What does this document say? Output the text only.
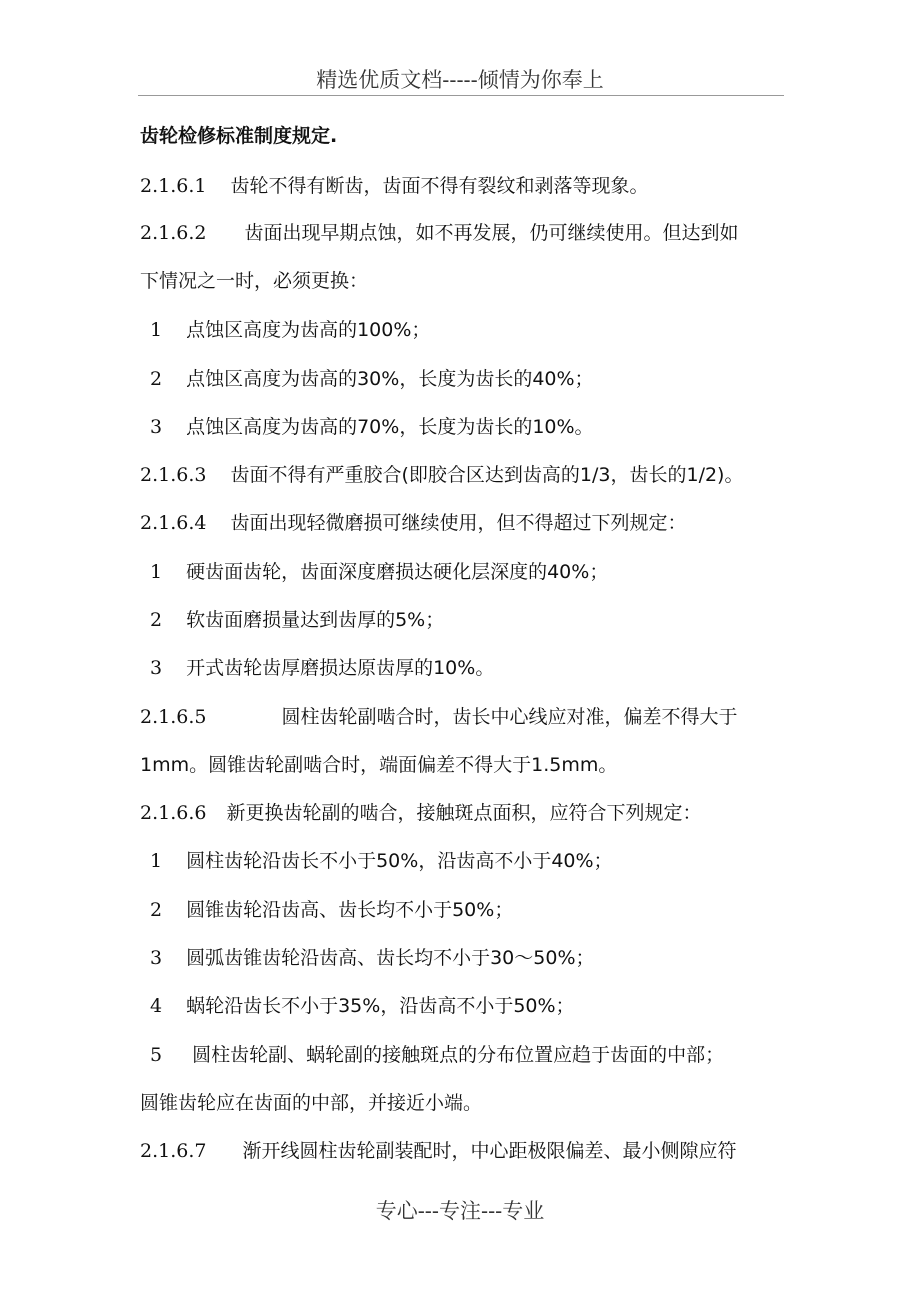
精选优质文档-----倾情为你奉上
齿轮检修标准制度规定.
2.1.6.1 齿轮不得有断齿，齿面不得有裂纹和剥落等现象。
2.1.6.2 齿面出现早期点蚀，如不再发展，仍可继续使用。但达到如
下情况之一时，必须更换：
1 点蚀区高度为齿高的100%；
2 点蚀区高度为齿高的30%，长度为齿长的40%；
3 点蚀区高度为齿高的70%，长度为齿长的10%。
2.1.6.3 齿面不得有严重胶合(即胶合区达到齿高的1/3，齿长的1/2)。
2.1.6.4 齿面出现轻微磨损可继续使用，但不得超过下列规定：
1 硬齿面齿轮，齿面深度磨损达硬化层深度的40%；
2 软齿面磨损量达到齿厚的5%；
3 开式齿轮齿厚磨损达原齿厚的10%。
2.1.6.5	圆柱齿轮副啮合时，齿长中心线应对准，偏差不得大于
1mm。圆锥齿轮副啮合时，端面偏差不得大于1.5mm。
2.1.6.6 新更换齿轮副的啮合，接触斑点面积，应符合下列规定：
1 圆柱齿轮沿齿长不小于50%，沿齿高不小于40%；
2 圆锥齿轮沿齿高、齿长均不小于50%；
3 圆弧齿锥齿轮沿齿高、齿长均不小于30～50%；
4 蜗轮沿齿长不小于35%，沿齿高不小于50%；
5 圆柱齿轮副、蜗轮副的接触斑点的分布位置应趋于齿面的中部；
圆锥齿轮应在齿面的中部，并接近小端。
2.1.6.7 渐开线圆柱齿轮副装配时，中心距极限偏差、最小侧隙应符
专心---专注---专业
